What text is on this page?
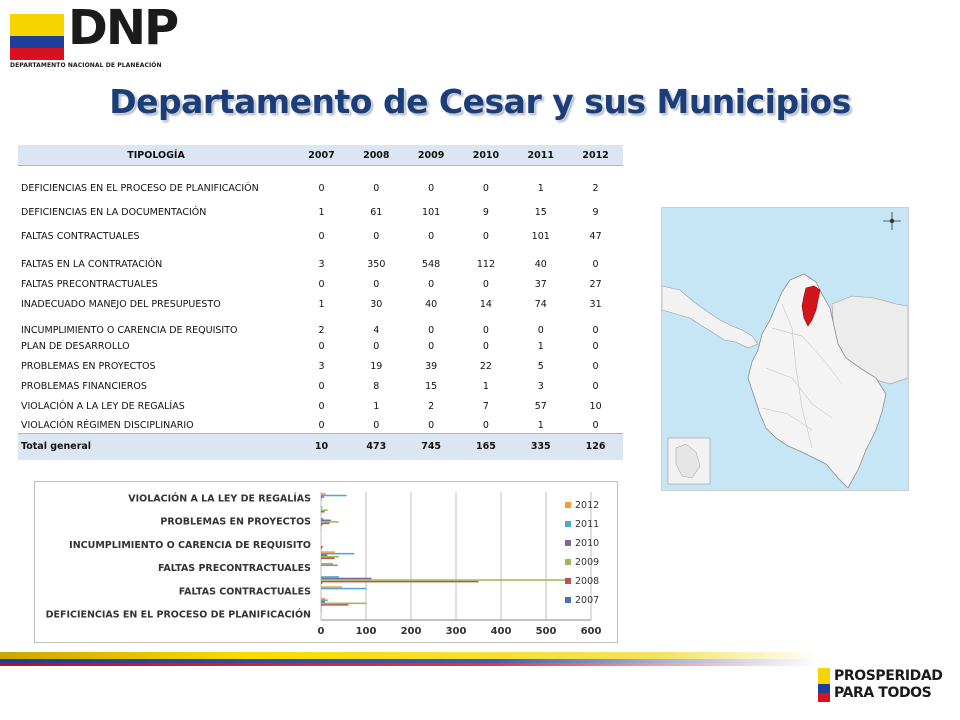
DNP
DEPARTAMENTO NACIONAL DE PLANEACIÓN
Departamento de Cesar y sus Municipios
TIPOLOGÍA	2007	2008	2009	2010	2011	2012
DEFICIENCIAS EN EL PROCESO DE PLANIFICACIÓN	0	0	0	0	1	2
DEFICIENCIAS EN LA DOCUMENTACIÓN	1	61	101	9	15	9
FALTAS CONTRACTUALES	0	0	0	0	101	47
FALTAS EN LA CONTRATACIÓN	3	350	548	112	40	0
FALTAS PRECONTRACTUALES	0	0	0	0	37	27
INADECUADO MANEJO DEL PRESUPUESTO	1	30	40	14	74	31
INCUMPLIMIENTO O CARENCIA DE REQUISITO	2	4	0	0	0	0
PLAN DE DESARROLLO	0	0	0	0	1	0
PROBLEMAS EN PROYECTOS	3	19	39	22	5	0
PROBLEMAS FINANCIEROS	0	8	15	1	3	0
VIOLACIÓN A LA LEY DE REGALÍAS	0	1	2	7	57	10
VIOLACIÓN RÉGIMEN DISCIPLINARIO	0	0	0	0	1	0
Total general	10	473	745	165	335	126
0	100 200 300 400 500 600
DEFICIENCIAS EN EL PROCESO DE PLANIFICACIÓN
FALTAS CONTRACTUALES
FALTAS PRECONTRACTUALES
INCUMPLIMIENTO O CARENCIA DE REQUISITO
PROBLEMAS EN PROYECTOS
VIOLACIÓN A LA LEY DE REGALÍAS
2012
2011
2010
2009
2008
2007
PROSPERIDAD
PARA TODOS
